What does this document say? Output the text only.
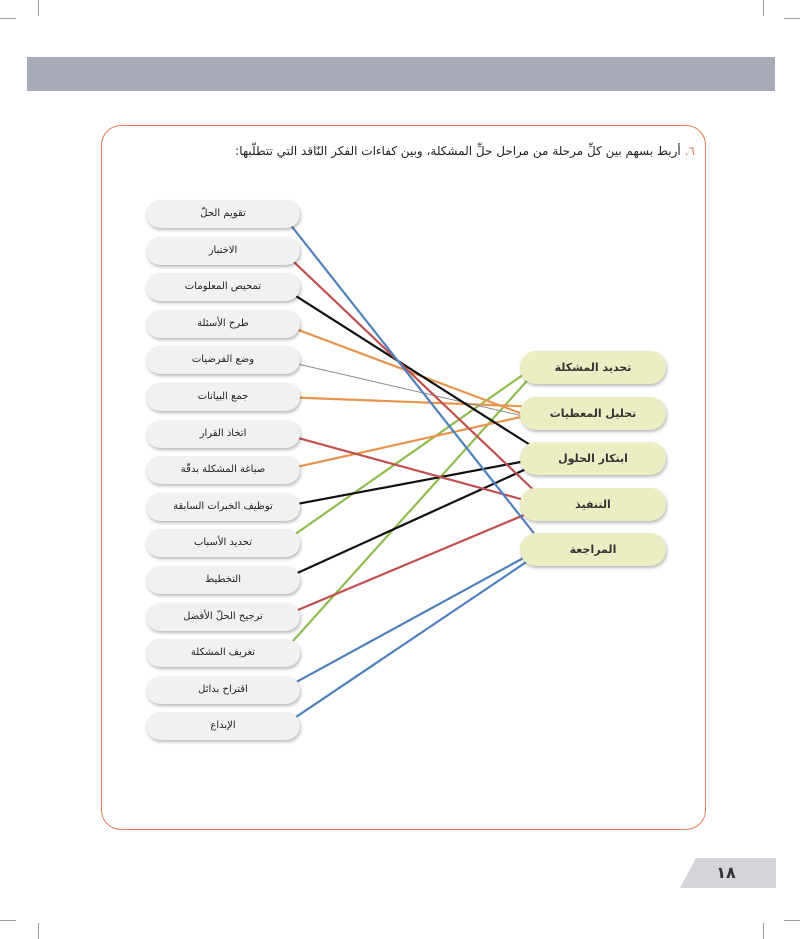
٦.أربط بسهم بين كلِّ مرحلة من مراحل حلِّ المشكلة، وبين كفاءات الفكر النّاقد التي تتطلّبها:
تقويم الحلّ
الاختبار
تمحيص المعلومات
طرح الأسئلة
وضع الفرضيات
جمع البيانات
اتخاذ القرار
صياغة المشكلة بدقّة
توظيف الخبرات السابقة
تحديد الأسباب
التخطيط
ترجيح الحلّ الأفضل
تعريف المشكلة
اقتراح بدائل
الإبداع
تحديد المشكلة
تحليل المعطيات
ابتكار الحلول
التنفيذ
المراجعة
١٨
